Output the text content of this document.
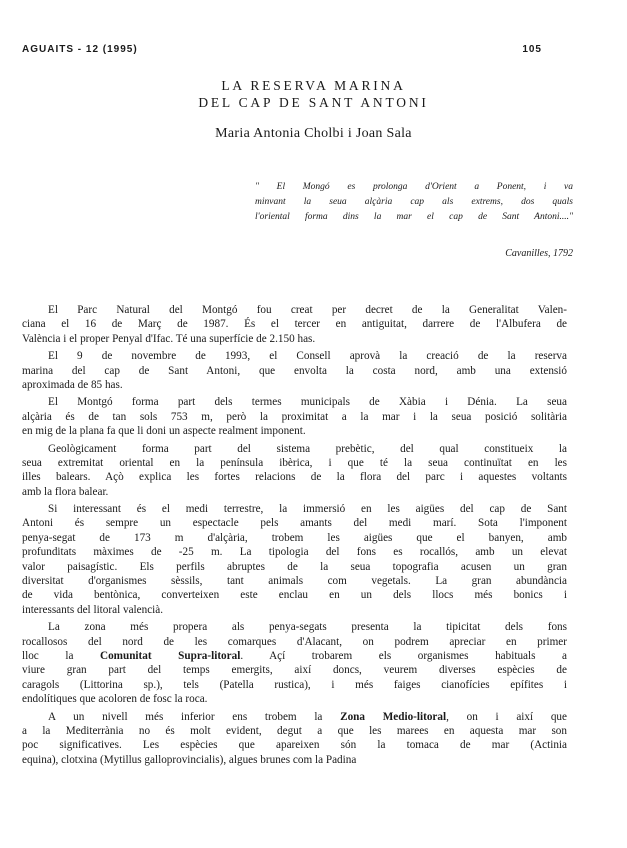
AGUAITS - 12 (1995)	105
LA RESERVA MARINA
DEL CAP DE SANT ANTONI
Maria Antonia Cholbi i Joan Sala
" El Mongó es prolonga d'Orient a Ponent, i va
minvant la seua alçària cap als extrems, dos quals
l'oriental forma dins la mar el cap de Sant Antoni...."
Cavanilles, 1792
El Parc Natural del Montgó fou creat per decret de la Generalitat Valen-
ciana el 16 de Març de 1987. És el tercer en antiguitat, darrere de l'Albufera de
València i el proper Penyal d'Ifac. Té una superfície de 2.150 has.
El 9 de novembre de 1993, el Consell aprovà la creació de la reserva
marina del cap de Sant Antoni, que envolta la costa nord, amb una extensió
aproximada de 85 has.
El Montgó forma part dels termes municipals de Xàbia i Dénia. La seua
alçària és de tan sols 753 m, però la proximitat a la mar i la seua posició solitària
en mig de la plana fa que li doni un aspecte realment imponent.
Geològicament forma part del sistema prebètic, del qual constitueix la
seua extremitat oriental en la península ibèrica, i que té la seua continuïtat en les
illes balears. Açò explica les fortes relacions de la flora del parc i aquestes voltants
amb la flora balear.
Si interessant és el medi terrestre, la immersió en les aigües del cap de Sant
Antoni és sempre un espectacle pels amants del medi marí. Sota l'imponent
penya-segat de 173 m d'alçària, trobem les aigües que el banyen, amb
profunditats màximes de -25 m. La tipologia del fons es rocallós, amb un elevat
valor paisagístic. Els perfils abruptes de la seua topografia acusen un gran
diversitat d'organismes sèssils, tant animals com vegetals. La gran abundància
de vida bentònica, converteixen este enclau en un dels llocs més bonics i
interessants del litoral valencià.
La zona més propera als penya-segats presenta la tipicitat dels fons
rocallosos del nord de les comarques d'Alacant, on podrem apreciar en primer
lloc la Comunitat Supra-litoral. Açí trobarem els organismes habituals a
viure gran part del temps emergits, així doncs, veurem diverses espècies de
caragols (Littorina sp.), tels (Patella rustica), i més faiges cianofícies epífites i
endolítiques que acoloren de fosc la roca.
A un nivell més inferior ens trobem la Zona Medio-litoral, on i així que
a la Mediterrània no és molt evident, degut a que les marees en aquesta mar son
poc significatives. Les espècies que apareixen són la tomaca de mar (Actinia
equina), clotxina (Mytillus galloprovincialis), algues brunes com la Padina
